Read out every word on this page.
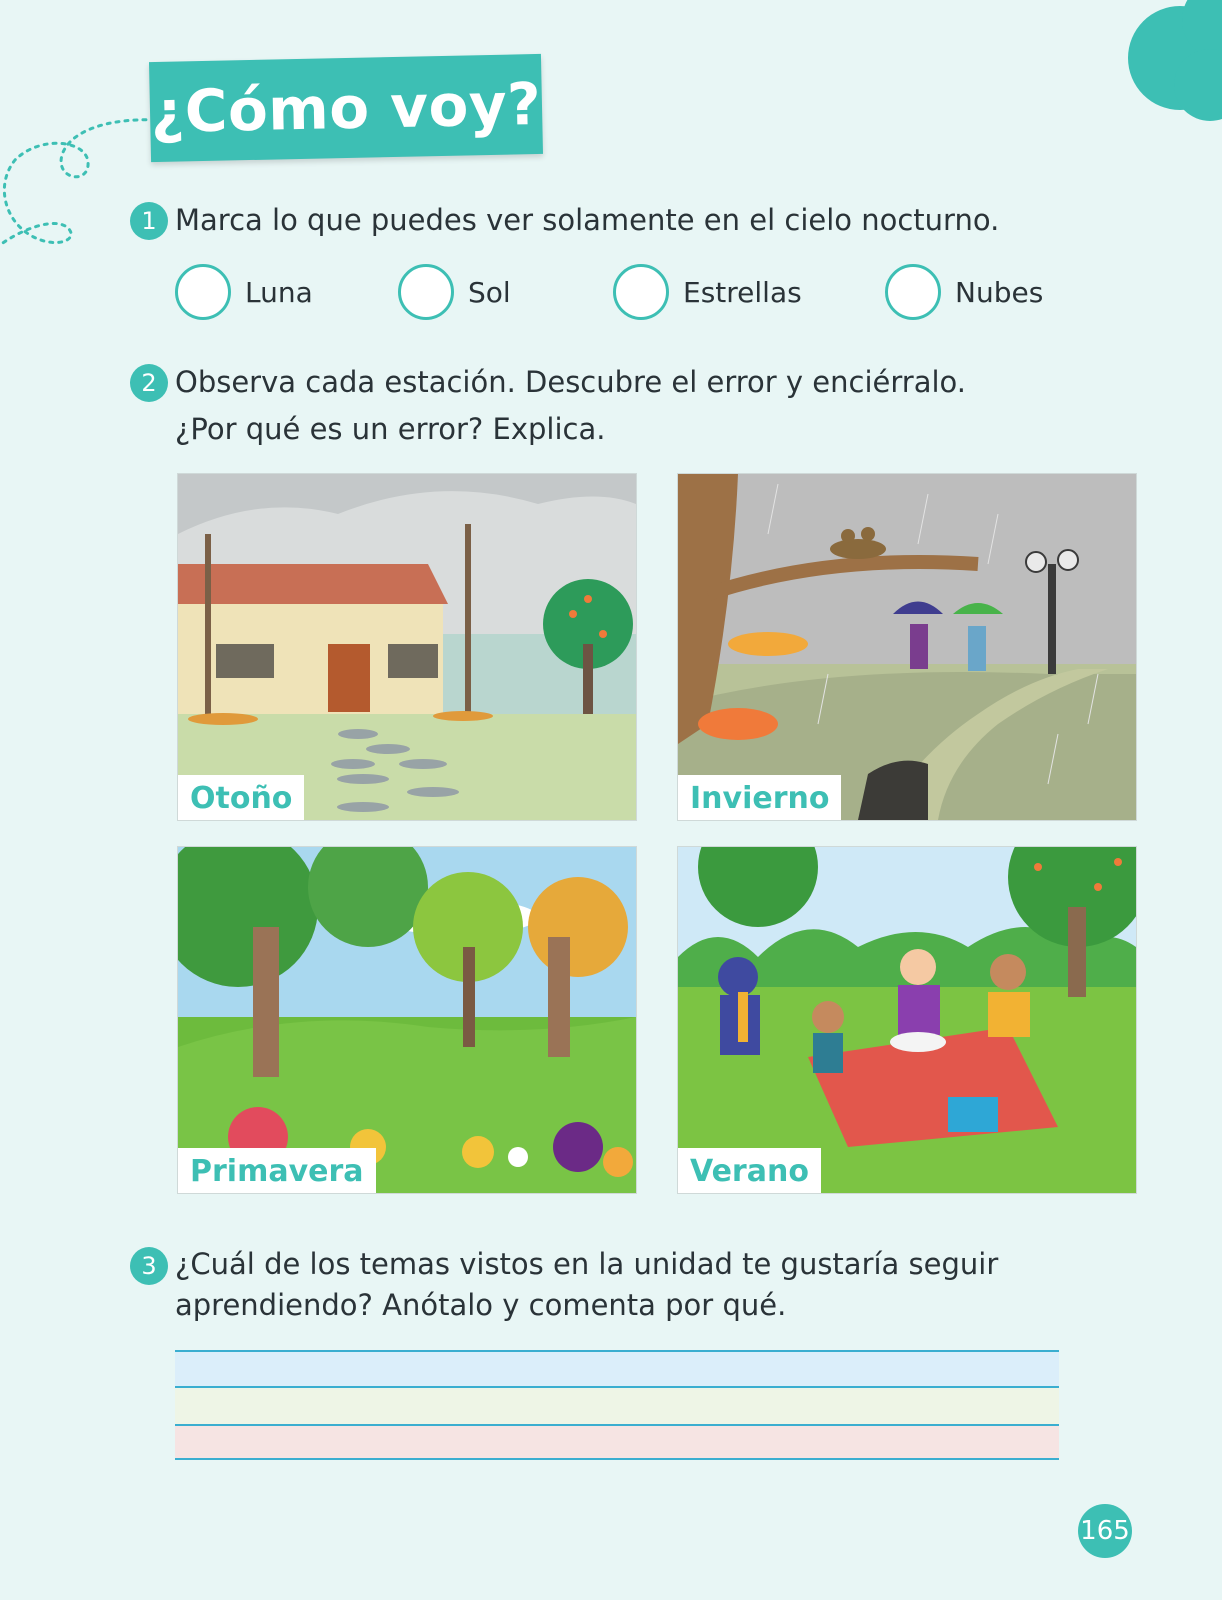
¿Cómo voy?
1 Marca lo que puedes ver solamente en el cielo nocturno.
Luna	Sol	Estrellas	Nubes
2 Observa cada estación. Descubre el error y enciérralo.
¿Por qué es un error? Explica.
Otoño	Invierno
Primavera	Verano
3 ¿Cuál de los temas vistos en la unidad te gustaría seguir
aprendiendo? Anótalo y comenta por qué.
165
